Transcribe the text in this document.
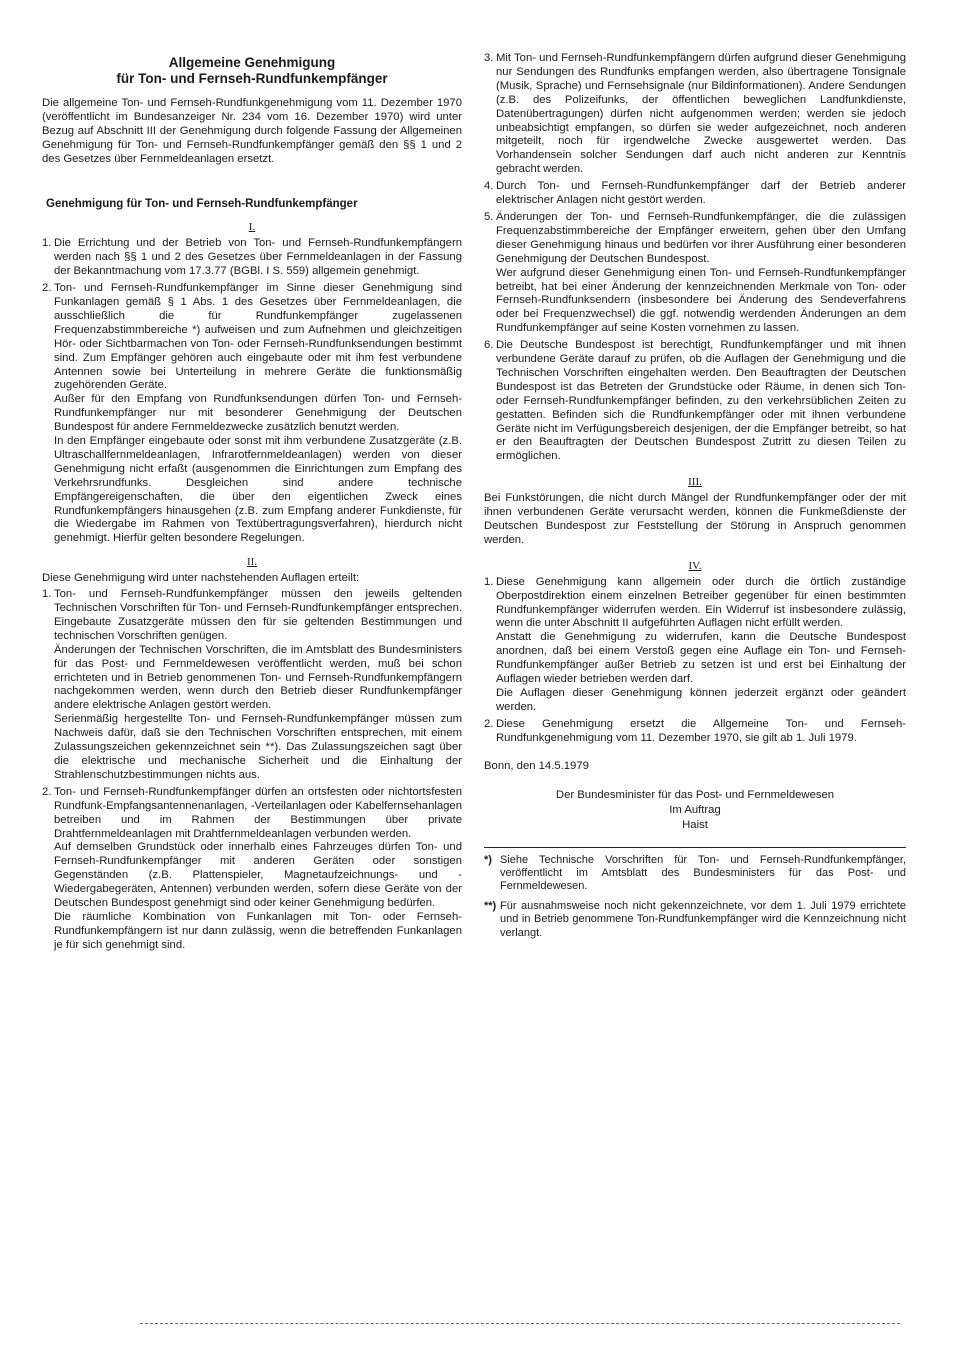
Allgemeine Genehmigung
für Ton- und Fernseh-Rundfunkempfänger

Die allgemeine Ton- und Fernseh-Rundfunkgenehmigung vom 11. Dezember 1970 (veröffentlicht im Bundesanzeiger Nr. 234 vom 16. Dezember 1970) wird unter Bezug auf Abschnitt III der Genehmigung durch folgende Fassung der Allgemeinen Genehmigung für Ton- und Fernseh-Rundfunkempfänger gemäß den §§ 1 und 2 des Gesetzes über Fernmeldeanlagen ersetzt.

Genehmigung für Ton- und Fernseh-Rundfunkempfänger
I.
1. Die Errichtung und der Betrieb von Ton- und Fernseh-Rundfunkempfängern werden nach §§ 1 und 2 des Gesetzes über Fernmeldeanlagen in der Fassung der Bekanntmachung vom 17.3.77 (BGBl. I S. 559) allgemein genehmigt.

2. Ton- und Fernseh-Rundfunkempfänger im Sinne dieser Genehmigung sind Funkanlagen gemäß § 1 Abs. 1 des Gesetzes über Fernmeldeanlagen, die ausschließlich die für Rundfunkempfänger zugelassenen Frequenzabstimmbereiche *) aufweisen und zum Aufnehmen und gleichzeitigen Hör- oder Sichtbarmachen von Ton- oder Fernseh-Rundfunksendungen bestimmt sind. Zum Empfänger gehören auch eingebaute oder mit ihm fest verbundene Antennen sowie bei Unterteilung in mehrere Geräte die funktionsmäßig zugehörenden Geräte.

Außer für den Empfang von Rundfunksendungen dürfen Ton- und Fernseh-Rundfunkempfänger nur mit besonderer Genehmigung der Deutschen Bundespost für andere Fernmeldezwecke zusätzlich benutzt werden.

In den Empfänger eingebaute oder sonst mit ihm verbundene Zusatzgeräte (z.B. Ultraschallfernmeldeanlagen, Infrarotfernmeldeanlagen) werden von dieser Genehmigung nicht erfaßt (ausgenommen die Einrichtungen zum Empfang des Verkehrsrundfunks. Desgleichen sind andere technische Empfängereigenschaften, die über den eigentlichen Zweck eines Rundfunkempfängers hinausgehen (z.B. zum Empfang anderer Funkdienste, für die Wiedergabe im Rahmen von Textübertragungsverfahren), hierdurch nicht genehmigt. Hierfür gelten besondere Regelungen.

II.

Diese Genehmigung wird unter nachstehenden Auflagen erteilt:

1. Ton- und Fernseh-Rundfunkempfänger müssen den jeweils geltenden Technischen Vorschriften für Ton- und Fernseh-Rundfunkempfänger entsprechen. Eingebaute Zusatzgeräte müssen den für sie geltenden Bestimmungen und technischen Vorschriften genügen.

Änderungen der Technischen Vorschriften, die im Amtsblatt des Bundesministers für das Post- und Fernmeldewesen veröffentlicht werden, muß bei schon errichteten und in Betrieb genommenen Ton- und Fernseh-Rundfunkempfängern nachgekommen werden, wenn durch den Betrieb dieser Rundfunkempfänger andere elektrische Anlagen gestört werden.

Serienmäßig hergestellte Ton- und Fernseh-Rundfunkempfänger müssen zum Nachweis dafür, daß sie den Technischen Vorschriften entsprechen, mit einem Zulassungszeichen gekennzeichnet sein **). Das Zulassungszeichen sagt über die elektrische und mechanische Sicherheit und die Einhaltung der Strahlenschutzbestimmungen nichts aus.

2. Ton- und Fernseh-Rundfunkempfänger dürfen an ortsfesten oder nichtortsfesten Rundfunk-Empfangsantennenanlagen, -Verteilanlagen oder Kabelfernsehanlagen betreiben und im Rahmen der Bestimmungen über private Drahtfernmeldeanlagen mit Drahtfernmeldeanlagen verbunden werden.

Auf demselben Grundstück oder innerhalb eines Fahrzeuges dürfen Ton- und Fernseh-Rundfunkempfänger mit anderen Geräten oder sonstigen Gegenständen (z.B. Plattenspieler, Magnetaufzeichnungs- und -Wiedergabegeräten, Antennen) verbunden werden, sofern diese Geräte von der Deutschen Bundespost genehmigt sind oder keiner Genehmigung bedürfen.

Die räumliche Kombination von Funkanlagen mit Ton- oder Fernseh-Rundfunkempfängern ist nur dann zulässig, wenn die betreffenden Funkanlagen je für sich genehmigt sind.

3. Mit Ton- und Fernseh-Rundfunkempfängern dürfen aufgrund dieser Genehmigung nur Sendungen des Rundfunks empfangen werden, also übertragene Tonsignale (Musik, Sprache) und Fernsehsignale (nur Bildinformationen). Andere Sendungen (z.B. des Polizeifunks, der öffentlichen beweglichen Landfunkdienste, Datenübertragungen) dürfen nicht aufgenommen werden; werden sie jedoch unbeabsichtigt empfangen, so dürfen sie weder aufgezeichnet, noch anderen mitgeteilt, noch für irgendwelche Zwecke ausgewertet werden. Das Vorhandensein solcher Sendungen darf auch nicht anderen zur Kenntnis gebracht werden.

4. Durch Ton- und Fernseh-Rundfunkempfänger darf der Betrieb anderer elektrischer Anlagen nicht gestört werden.

5. Änderungen der Ton- und Fernseh-Rundfunkempfänger, die die zulässigen Frequenzabstimmbereiche der Empfänger erweitern, gehen über den Umfang dieser Genehmigung hinaus und bedürfen vor ihrer Ausführung einer besonderen Genehmigung der Deutschen Bundespost.

Wer aufgrund dieser Genehmigung einen Ton- und Fernseh-Rundfunkempfänger betreibt, hat bei einer Änderung der kennzeichnenden Merkmale von Ton- oder Fernseh-Rundfunksendern (insbesondere bei Änderung des Sendeverfahrens oder bei Frequenzwechsel) die ggf. notwendig werdenden Änderungen an dem Rundfunkempfänger auf seine Kosten vornehmen zu lassen.

6. Die Deutsche Bundespost ist berechtigt, Rundfunkempfänger und mit ihnen verbundene Geräte darauf zu prüfen, ob die Auflagen der Genehmigung und die Technischen Vorschriften eingehalten werden. Den Beauftragten der Deutschen Bundespost ist das Betreten der Grundstücke oder Räume, in denen sich Ton- oder Fernseh-Rundfunkempfänger befinden, zu den verkehrsüblichen Zeiten zu gestatten. Befinden sich die Rundfunkempfänger oder mit ihnen verbundene Geräte nicht im Verfügungsbereich desjenigen, der die Empfänger betreibt, so hat er den Beauftragten der Deutschen Bundespost Zutritt zu diesen Teilen zu ermöglichen.

III.

Bei Funkstörungen, die nicht durch Mängel der Rundfunkempfänger oder der mit ihnen verbundenen Geräte verursacht werden, können die Funkmeßdienste der Deutschen Bundespost zur Feststellung der Störung in Anspruch genommen werden.

IV.
1. Diese Genehmigung kann allgemein oder durch die örtlich zuständige Oberpostdirektion einem einzelnen Betreiber gegenüber für einen bestimmten Rundfunkempfänger widerrufen werden. Ein Widerruf ist insbesondere zulässig, wenn die unter Abschnitt II aufgeführten Auflagen nicht erfüllt werden.

Anstatt die Genehmigung zu widerrufen, kann die Deutsche Bundespost anordnen, daß bei einem Verstoß gegen eine Auflage ein Ton- und Fernseh-Rundfunkempfänger außer Betrieb zu setzen ist und erst bei Einhaltung der Auflagen wieder betrieben werden darf.

Die Auflagen dieser Genehmigung können jederzeit ergänzt oder geändert werden.

2. Diese Genehmigung ersetzt die Allgemeine Ton- und Fernseh-Rundfunkgenehmigung vom 11. Dezember 1970, sie gilt ab 1. Juli 1979.

Bonn, den 14.5.1979

Der Bundesminister für das Post- und Fernmeldewesen
Im Auftrag
Haist
*) Siehe Technische Vorschriften für Ton- und Fernseh-Rundfunkempfänger, veröffentlicht im Amtsblatt des Bundesministers für das Post- und Fernmeldewesen.
**) Für ausnahmsweise noch nicht gekennzeichnete, vor dem 1. Juli 1979 errichtete und in Betrieb genommene Ton-Rundfunkempfänger wird die Kennzeichnung nicht verlangt.
